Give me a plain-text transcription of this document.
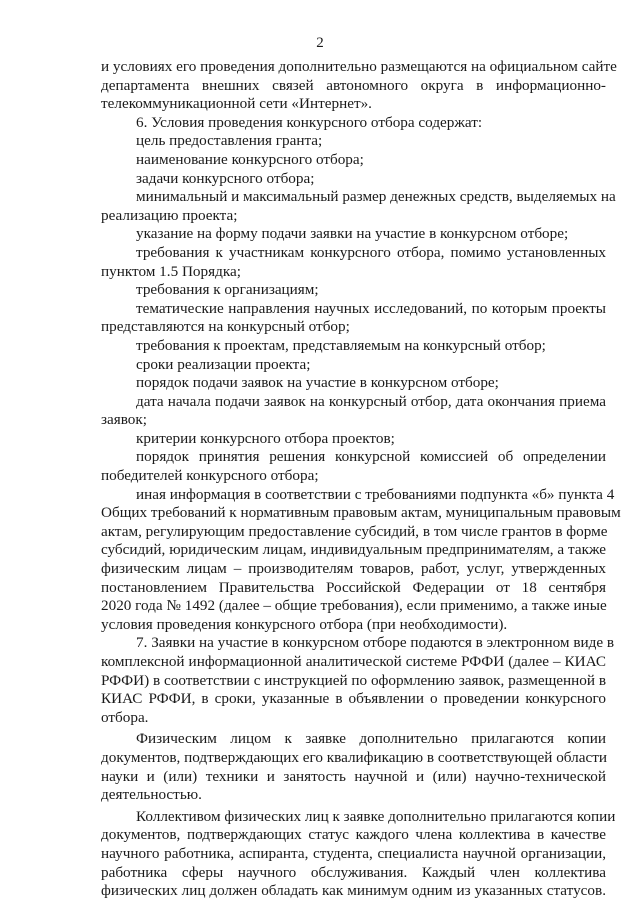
2
и условиях его проведения дополнительно размещаются на официальном сайте
департамента внешних связей автономного округа в информационно-
телекоммуникационной сети «Интернет».
6. Условия проведения конкурсного отбора содержат:
цель предоставления гранта;
наименование конкурсного отбора;
задачи конкурсного отбора;
минимальный и максимальный размер денежных средств, выделяемых на
реализацию проекта;
указание на форму подачи заявки на участие в конкурсном отборе;
требования к участникам конкурсного отбора, помимо установленных
пунктом 1.5 Порядка;
требования к организациям;
тематические направления научных исследований, по которым проекты
представляются на конкурсный отбор;
требования к проектам, представляемым на конкурсный отбор;
сроки реализации проекта;
порядок подачи заявок на участие в конкурсном отборе;
дата начала подачи заявок на конкурсный отбор, дата окончания приема
заявок;
критерии конкурсного отбора проектов;
порядок принятия решения конкурсной комиссией об определении
победителей конкурсного отбора;
иная информация в соответствии с требованиями подпункта «б» пункта 4
Общих требований к нормативным правовым актам, муниципальным правовым
актам, регулирующим предоставление субсидий, в том числе грантов в форме
субсидий, юридическим лицам, индивидуальным предпринимателям, а также
физическим лицам – производителям товаров, работ, услуг, утвержденных
постановлением Правительства Российской Федерации от 18 сентября
2020 года № 1492 (далее – общие требования), если применимо, а также иные
условия проведения конкурсного отбора (при необходимости).
7. Заявки на участие в конкурсном отборе подаются в электронном виде в
комплексной информационной аналитической системе РФФИ (далее – КИАС
РФФИ) в соответствии с инструкцией по оформлению заявок, размещенной в
КИАС РФФИ, в сроки, указанные в объявлении о проведении конкурсного
отбора.
Физическим лицом к заявке дополнительно прилагаются копии
документов, подтверждающих его квалификацию в соответствующей области
науки и (или) техники и занятость научной и (или) научно-технической
деятельностью.
Коллективом физических лиц к заявке дополнительно прилагаются копии
документов, подтверждающих статус каждого члена коллектива в качестве
научного работника, аспиранта, студента, специалиста научной организации,
работника сферы научного обслуживания. Каждый член коллектива
физических лиц должен обладать как минимум одним из указанных статусов.
